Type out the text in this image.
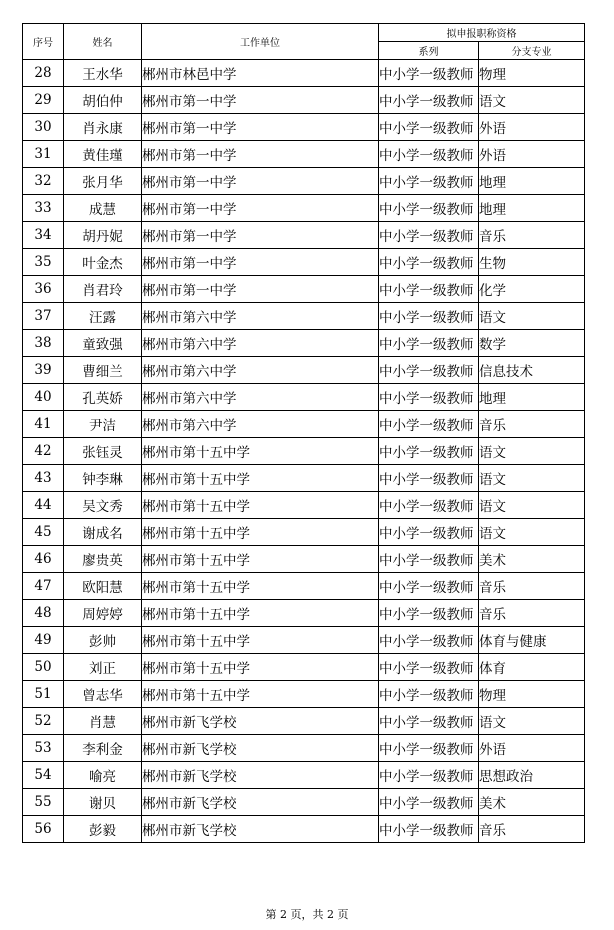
序号	姓名	工作单位	拟申报职称资格	
			系列	分支专业
28	王水华	郴州市林邑中学	中小学一级教师	物理
29	胡伯仲	郴州市第一中学	中小学一级教师	语文
30	肖永康	郴州市第一中学	中小学一级教师	外语
31	黄佳瑾	郴州市第一中学	中小学一级教师	外语
32	张月华	郴州市第一中学	中小学一级教师	地理
33	成慧	郴州市第一中学	中小学一级教师	地理
34	胡丹妮	郴州市第一中学	中小学一级教师	音乐
35	叶金杰	郴州市第一中学	中小学一级教师	生物
36	肖君玲	郴州市第一中学	中小学一级教师	化学
37	汪露	郴州市第六中学	中小学一级教师	语文
38	童致强	郴州市第六中学	中小学一级教师	数学
39	曹细兰	郴州市第六中学	中小学一级教师	信息技术
40	孔英娇	郴州市第六中学	中小学一级教师	地理
41	尹洁	郴州市第六中学	中小学一级教师	音乐
42	张钰灵	郴州市第十五中学	中小学一级教师	语文
43	钟李琳	郴州市第十五中学	中小学一级教师	语文
44	吴文秀	郴州市第十五中学	中小学一级教师	语文
45	谢成名	郴州市第十五中学	中小学一级教师	语文
46	廖贵英	郴州市第十五中学	中小学一级教师	美术
47	欧阳慧	郴州市第十五中学	中小学一级教师	音乐
48	周婷婷	郴州市第十五中学	中小学一级教师	音乐
49	彭帅	郴州市第十五中学	中小学一级教师	体育与健康
50	刘正	郴州市第十五中学	中小学一级教师	体育
51	曾志华	郴州市第十五中学	中小学一级教师	物理
52	肖慧	郴州市新飞学校	中小学一级教师	语文
53	李利金	郴州市新飞学校	中小学一级教师	外语
54	喻亮	郴州市新飞学校	中小学一级教师	思想政治
55	谢贝	郴州市新飞学校	中小学一级教师	美术
56	彭毅	郴州市新飞学校	中小学一级教师	音乐
第 2 页，共 2 页
